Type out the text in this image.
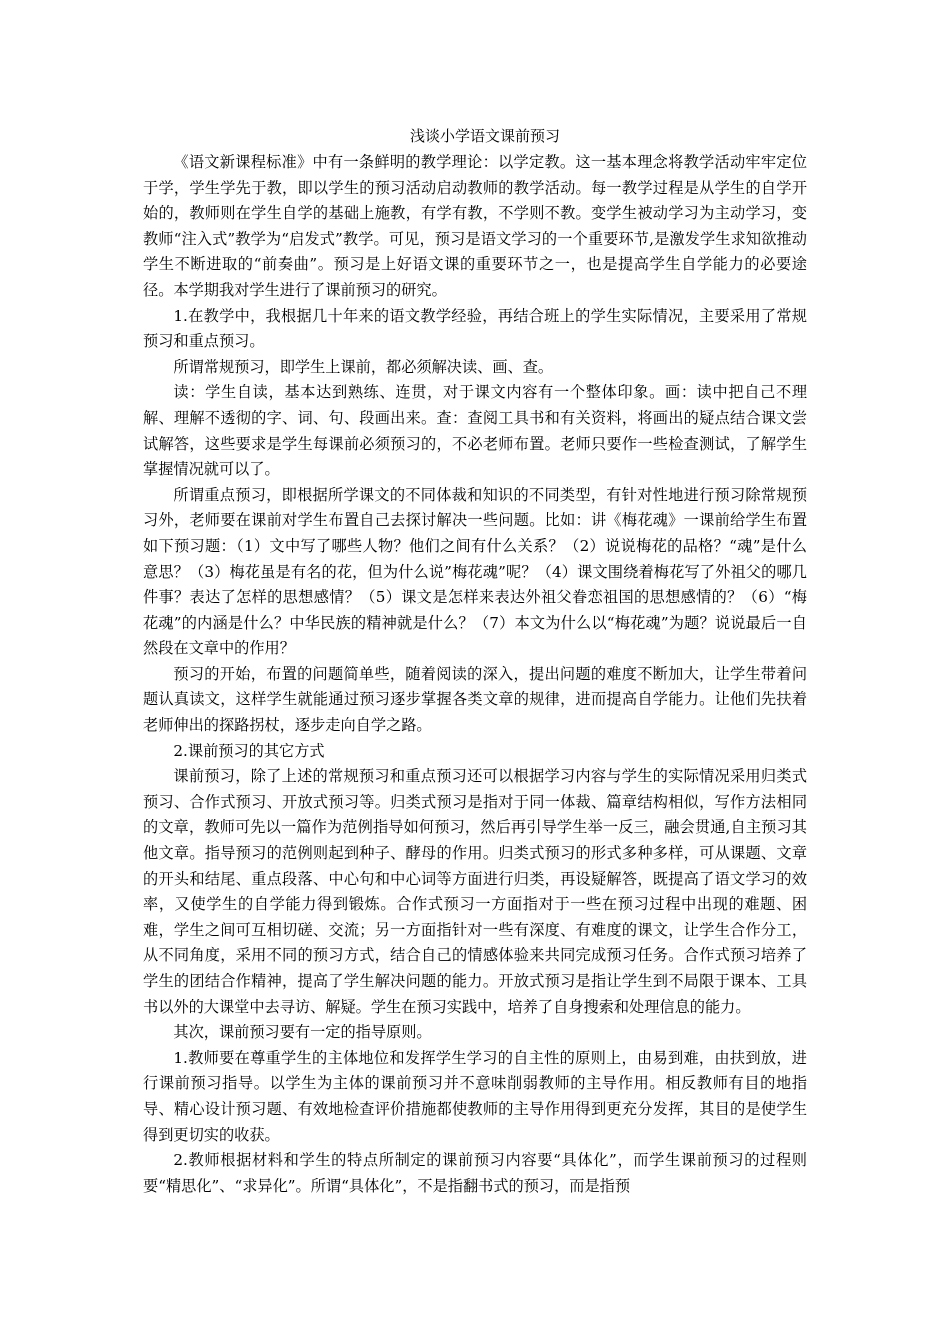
浅谈小学语文课前预习

《语文新课程标准》中有一条鲜明的教学理论：以学定教。这一基本理念将教学活动牢牢定位于学，学生学先于教，即以学生的预习活动启动教师的教学活动。每一教学过程是从学生的自学开始的，教师则在学生自学的基础上施教，有学有教，不学则不教。变学生被动学习为主动学习，变教师“注入式”教学为“启发式”教学。可见，预习是语文学习的一个重要环节,是激发学生求知欲推动学生不断进取的“前奏曲”。预习是上好语文课的重要环节之一，也是提高学生自学能力的必要途径。本学期我对学生进行了课前预习的研究。

1.在教学中，我根据几十年来的语文教学经验，再结合班上的学生实际情况，主要采用了常规预习和重点预习。

所谓常规预习，即学生上课前，都必须解决读、画、查。

读：学生自读，基本达到熟练、连贯，对于课文内容有一个整体印象。画：读中把自己不理解、理解不透彻的字、词、句、段画出来。查：查阅工具书和有关资料，将画出的疑点结合课文尝试解答，这些要求是学生每课前必须预习的，不必老师布置。老师只要作一些检查测试，了解学生掌握情况就可以了。

所谓重点预习，即根据所学课文的不同体裁和知识的不同类型，有针对性地进行预习除常规预习外，老师要在课前对学生布置自己去探讨解决一些问题。比如：讲《梅花魂》一课前给学生布置如下预习题：（1）文中写了哪些人物？他们之间有什么关系？（2）说说梅花的品格？“魂”是什么意思？（3）梅花虽是有名的花，但为什么说”梅花魂”呢？（4）课文围绕着梅花写了外祖父的哪几件事？表达了怎样的思想感情？（5）课文是怎样来表达外祖父眷恋祖国的思想感情的？（6）“梅花魂”的内涵是什么？中华民族的精神就是什么？（7）本文为什么以“梅花魂”为题？说说最后一自然段在文章中的作用？

预习的开始，布置的问题简单些，随着阅读的深入，提出问题的难度不断加大，让学生带着问题认真读文，这样学生就能通过预习逐步掌握各类文章的规律，进而提高自学能力。让他们先扶着老师伸出的探路拐杖，逐步走向自学之路。

2.课前预习的其它方式

课前预习，除了上述的常规预习和重点预习还可以根据学习内容与学生的实际情况采用归类式预习、合作式预习、开放式预习等。归类式预习是指对于同一体裁、篇章结构相似，写作方法相同的文章，教师可先以一篇作为范例指导如何预习，然后再引导学生举一反三，融会贯通,自主预习其他文章。指导预习的范例则起到种子、酵母的作用。归类式预习的形式多种多样，可从课题、文章的开头和结尾、重点段落、中心句和中心词等方面进行归类，再设疑解答，既提高了语文学习的效率，又使学生的自学能力得到锻炼。合作式预习一方面指对于一些在预习过程中出现的难题、困难，学生之间可互相切磋、交流；另一方面指针对一些有深度、有难度的课文，让学生合作分工，从不同角度，采用不同的预习方式，结合自己的情感体验来共同完成预习任务。合作式预习培养了学生的团结合作精神，提高了学生解决问题的能力。开放式预习是指让学生到不局限于课本、工具书以外的大课堂中去寻访、解疑。学生在预习实践中，培养了自身搜索和处理信息的能力。

其次，课前预习要有一定的指导原则。

1.教师要在尊重学生的主体地位和发挥学生学习的自主性的原则上，由易到难，由扶到放，进行课前预习指导。以学生为主体的课前预习并不意味削弱教师的主导作用。相反教师有目的地指导、精心设计预习题、有效地检查评价措施都使教师的主导作用得到更充分发挥，其目的是使学生得到更切实的收获。

2.教师根据材料和学生的特点所制定的课前预习内容要“具体化”，而学生课前预习的过程则要“精思化”、“求异化”。所谓“具体化”，不是指翻书式的预习，而是指预
